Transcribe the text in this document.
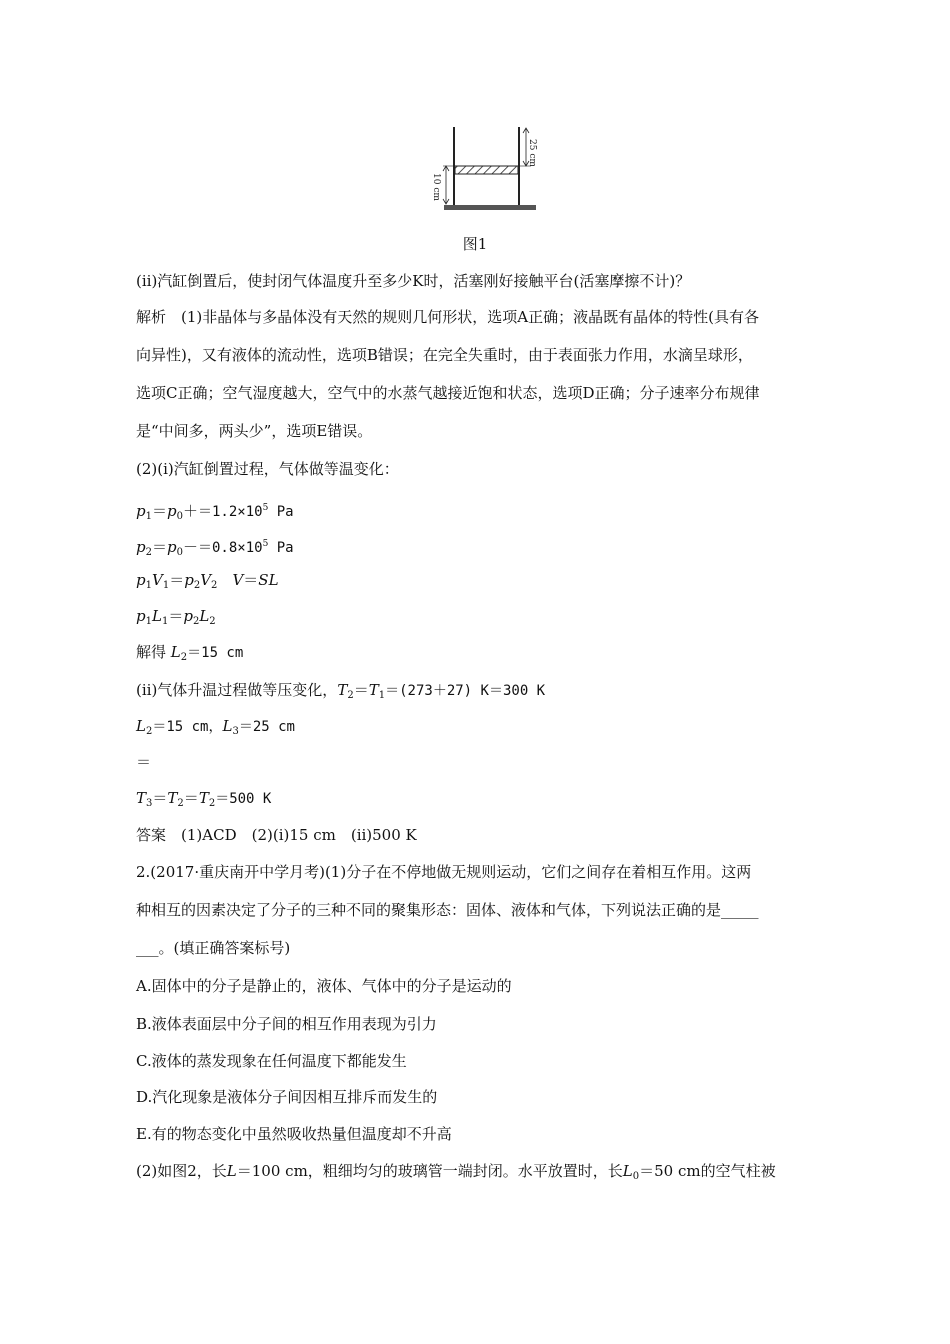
25 cm
10 cm
图1
(ⅱ)汽缸倒置后，使封闭气体温度升至多少K时，活塞刚好接触平台(活塞摩擦不计)？
解析　 (1)非晶体与多晶体没有天然的规则几何形状，选项A正确；液晶既有晶体的特性(具有各
向异性)，又有液体的流动性，选项B错误；在完全失重时，由于表面张力作用，水滴呈球形，
选项C正确；空气湿度越大，空气中的水蒸气越接近饱和状态，选项D正确；分子速率分布规律
是“中间多，两头少”，选项E错误。
(2)(ⅰ)汽缸倒置过程，气体做等温变化：
$p_1=p_0+=1.2\times 10^5$ Pa
$p_2=p_0-=0.8\times 10^5$ Pa
$p_1V_1=p_2V_2$　 V＝SL
$p_1L_1=p_2L_2$
解得 $L_2=15$ cm
(ⅱ)气体升温过程做等压变化，$T_2=T_1=(273+27)$ K＝300 K
$L_2=15$ cm，$L_3=25$ cm
＝
$T_3=T_2=T_2=500$ K
答案　 (1)ACD　(2)(ⅰ)15 cm　(ⅱ)500 K
2.(2017·重庆南开中学月考)(1)分子在不停地做无规则运动，它们之间存在着相互作用。这两
种相互的因素决定了分子的三种不同的聚集形态：固体、液体和气体，下列说法正确的是_____
___。(填正确答案标号)
A.固体中的分子是静止的，液体、气体中的分子是运动的
B.液体表面层中分子间的相互作用表现为引力
C.液体的蒸发现象在任何温度下都能发生
D.汽化现象是液体分子间因相互排斥而发生的
E.有的物态变化中虽然吸收热量但温度却不升高
(2)如图2，长L＝100 cm，粗细均匀的玻璃管一端封闭。水平放置时，长$L_0=50$ cm的空气柱被
